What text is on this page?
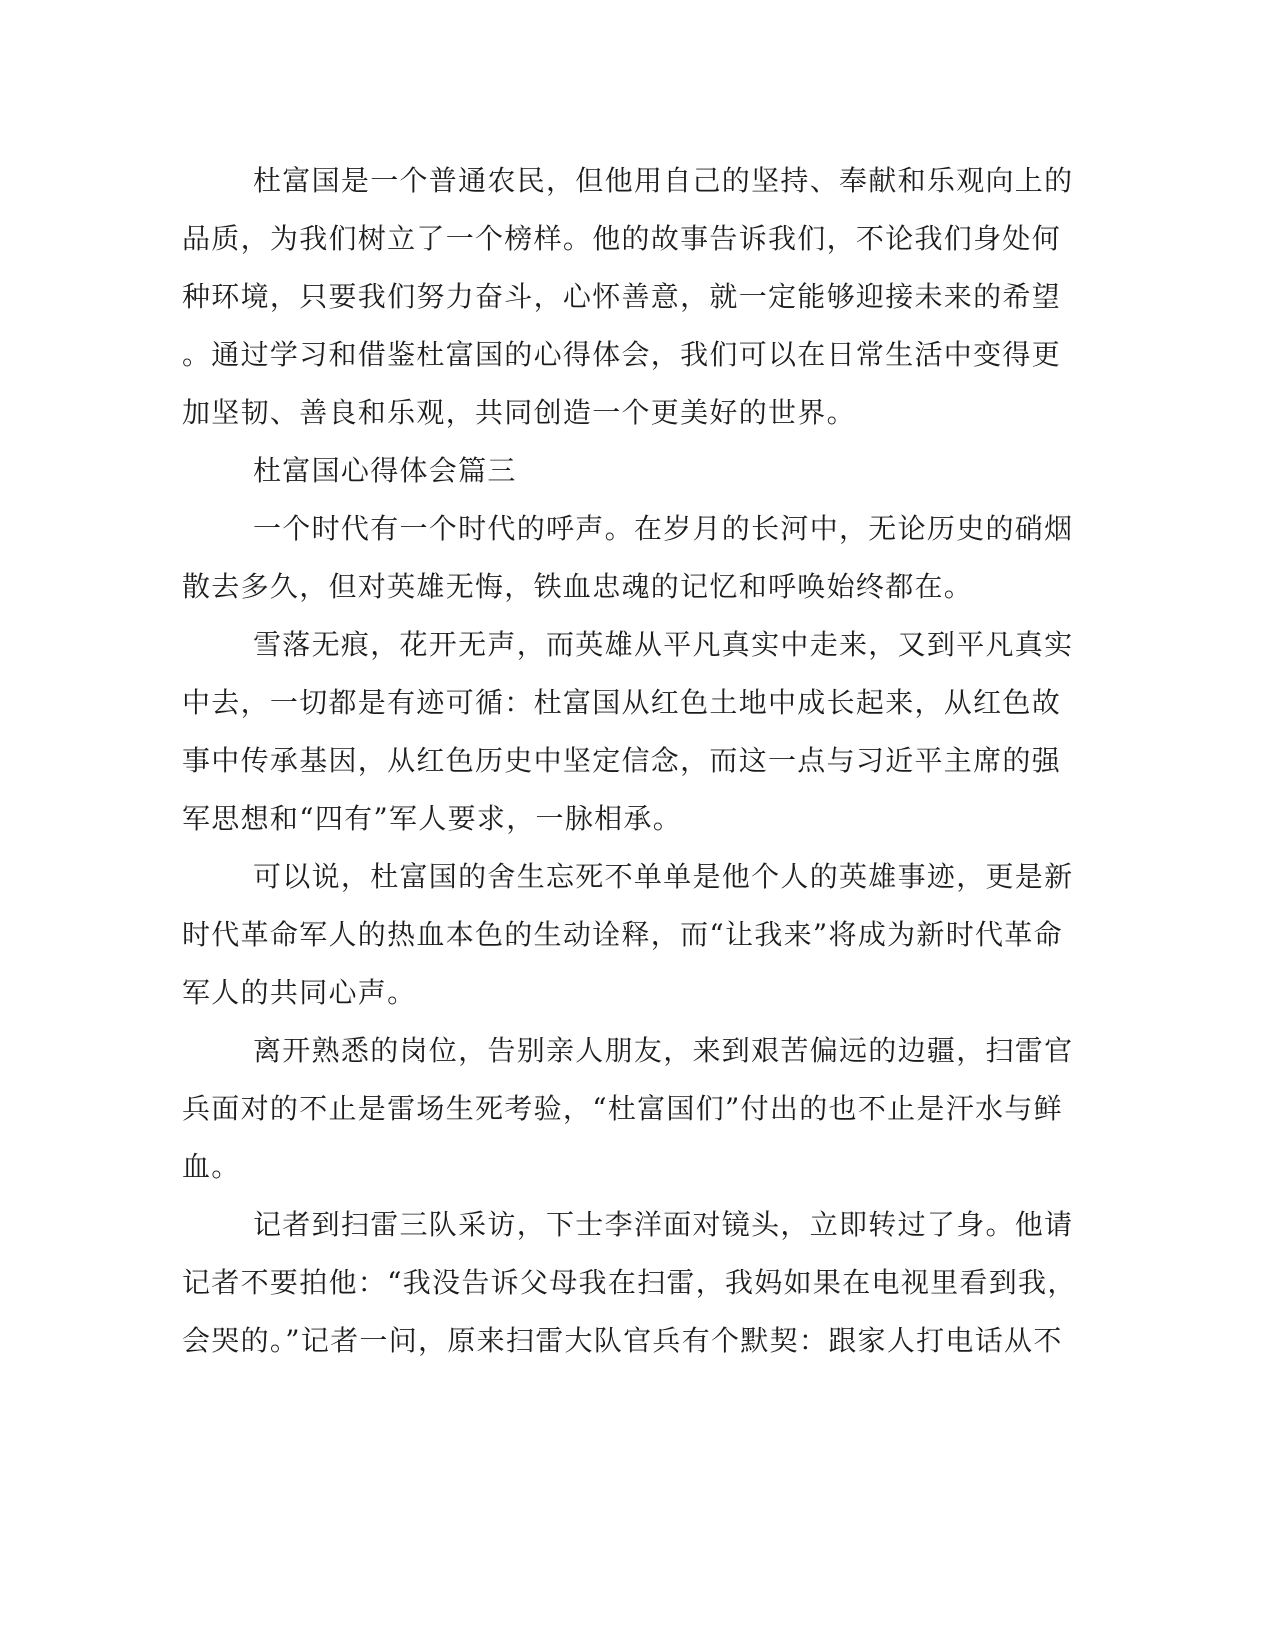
杜富国是一个普通农民，但他用自己的坚持、奉献和乐观向上的
品质，为我们树立了一个榜样。他的故事告诉我们，不论我们身处何
种环境，只要我们努力奋斗，心怀善意，就一定能够迎接未来的希望
。通过学习和借鉴杜富国的心得体会，我们可以在日常生活中变得更
加坚韧、善良和乐观，共同创造一个更美好的世界。
杜富国心得体会篇三
一个时代有一个时代的呼声。在岁月的长河中，无论历史的硝烟
散去多久，但对英雄无悔，铁血忠魂的记忆和呼唤始终都在。
雪落无痕，花开无声，而英雄从平凡真实中走来，又到平凡真实
中去，一切都是有迹可循：杜富国从红色土地中成长起来，从红色故
事中传承基因，从红色历史中坚定信念，而这一点与习近平主席的强
军思想和“四有”军人要求，一脉相承。
可以说，杜富国的舍生忘死不单单是他个人的英雄事迹，更是新
时代革命军人的热血本色的生动诠释，而“让我来”将成为新时代革命
军人的共同心声。
离开熟悉的岗位，告别亲人朋友，来到艰苦偏远的边疆，扫雷官
兵面对的不止是雷场生死考验，“杜富国们”付出的也不止是汗水与鲜
血。
记者到扫雷三队采访，下士李洋面对镜头，立即转过了身。他请
记者不要拍他：“我没告诉父母我在扫雷，我妈如果在电视里看到我，
会哭的。”记者一问，原来扫雷大队官兵有个默契：跟家人打电话从不
